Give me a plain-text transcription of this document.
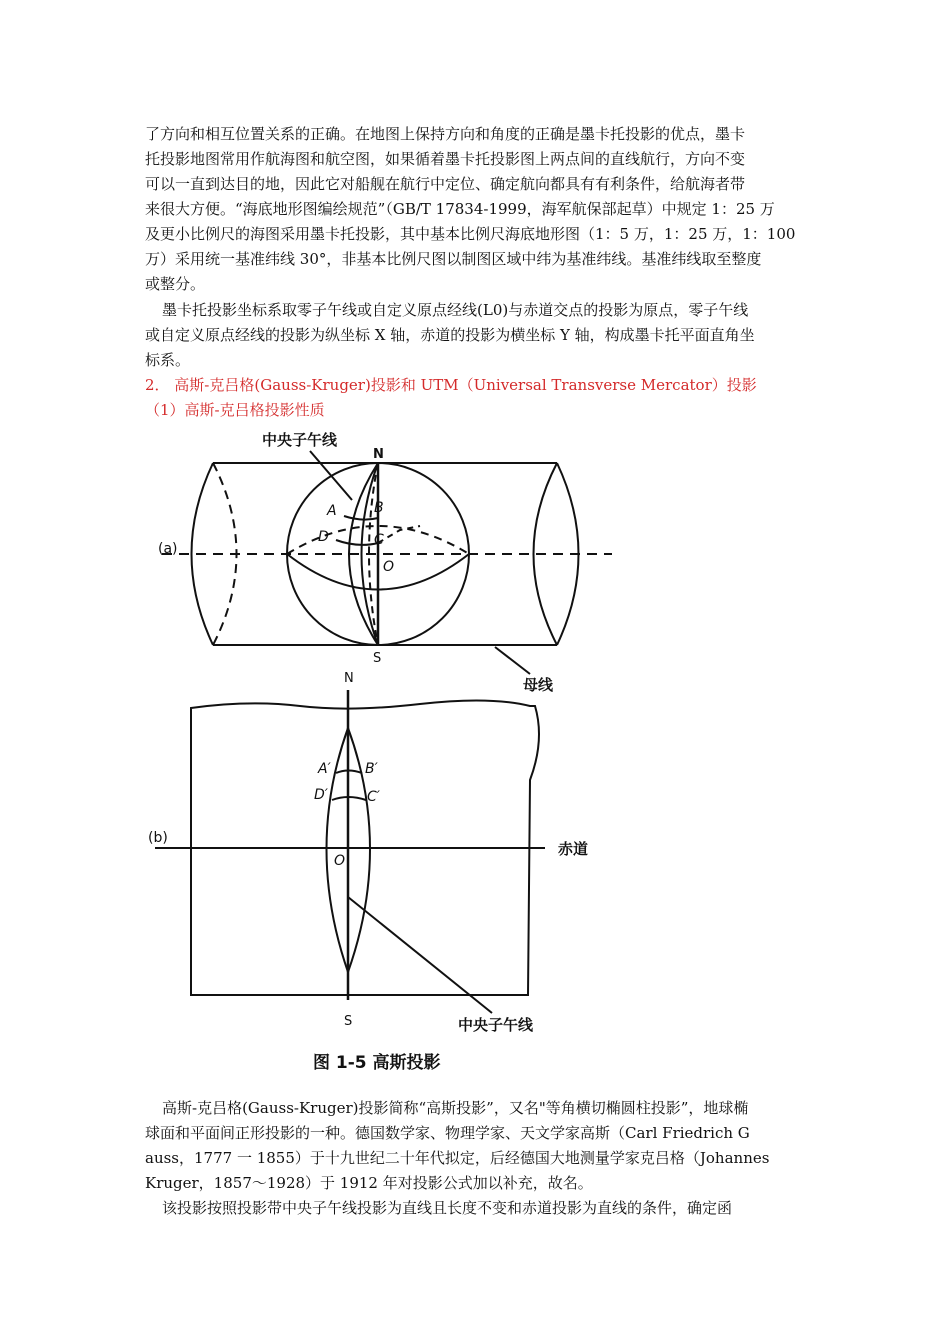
了方向和相互位置关系的正确。在地图上保持方向和角度的正确是墨卡托投影的优点，墨卡
托投影地图常用作航海图和航空图，如果循着墨卡托投影图上两点间的直线航行，方向不变
可以一直到达目的地，因此它对船舰在航行中定位、确定航向都具有有利条件，给航海者带
来很大方便。“海底地形图编绘规范”（GB/T 17834-1999，海军航保部起草）中规定 1：25 万
及更小比例尺的海图采用墨卡托投影，其中基本比例尺海底地形图（1：5 万，1：25 万，1：100
万）采用统一基准纬线 30°，非基本比例尺图以制图区域中纬为基准纬线。基准纬线取至整度
或整分。
墨卡托投影坐标系取零子午线或自定义原点经线(L0)与赤道交点的投影为原点，零子午线
或自定义原点经线的投影为纵坐标 X 轴，赤道的投影为横坐标 Y 轴，构成墨卡托平面直角坐
标系。
2． 高斯-克吕格(Gauss-Kruger)投影和 UTM（Universal Transverse Mercator）投影
（1）高斯-克吕格投影性质
中央子午线
N
S
A	B
C
D
O
(a)
母线
N
S
A′ B′
C′
D′
O
(b)
赤道
中央子午线
图 1-5 高斯投影
高斯-克吕格(Gauss-Kruger)投影简称“高斯投影”，又名"等角横切椭圆柱投影”，地球椭
球面和平面间正形投影的一种。德国数学家、物理学家、天文学家高斯（Carl Friedrich G
auss，1777 一 1855）于十九世纪二十年代拟定，后经德国大地测量学家克吕格（Johannes
Kruger，1857～1928）于 1912 年对投影公式加以补充，故名。
该投影按照投影带中央子午线投影为直线且长度不变和赤道投影为直线的条件，确定函
